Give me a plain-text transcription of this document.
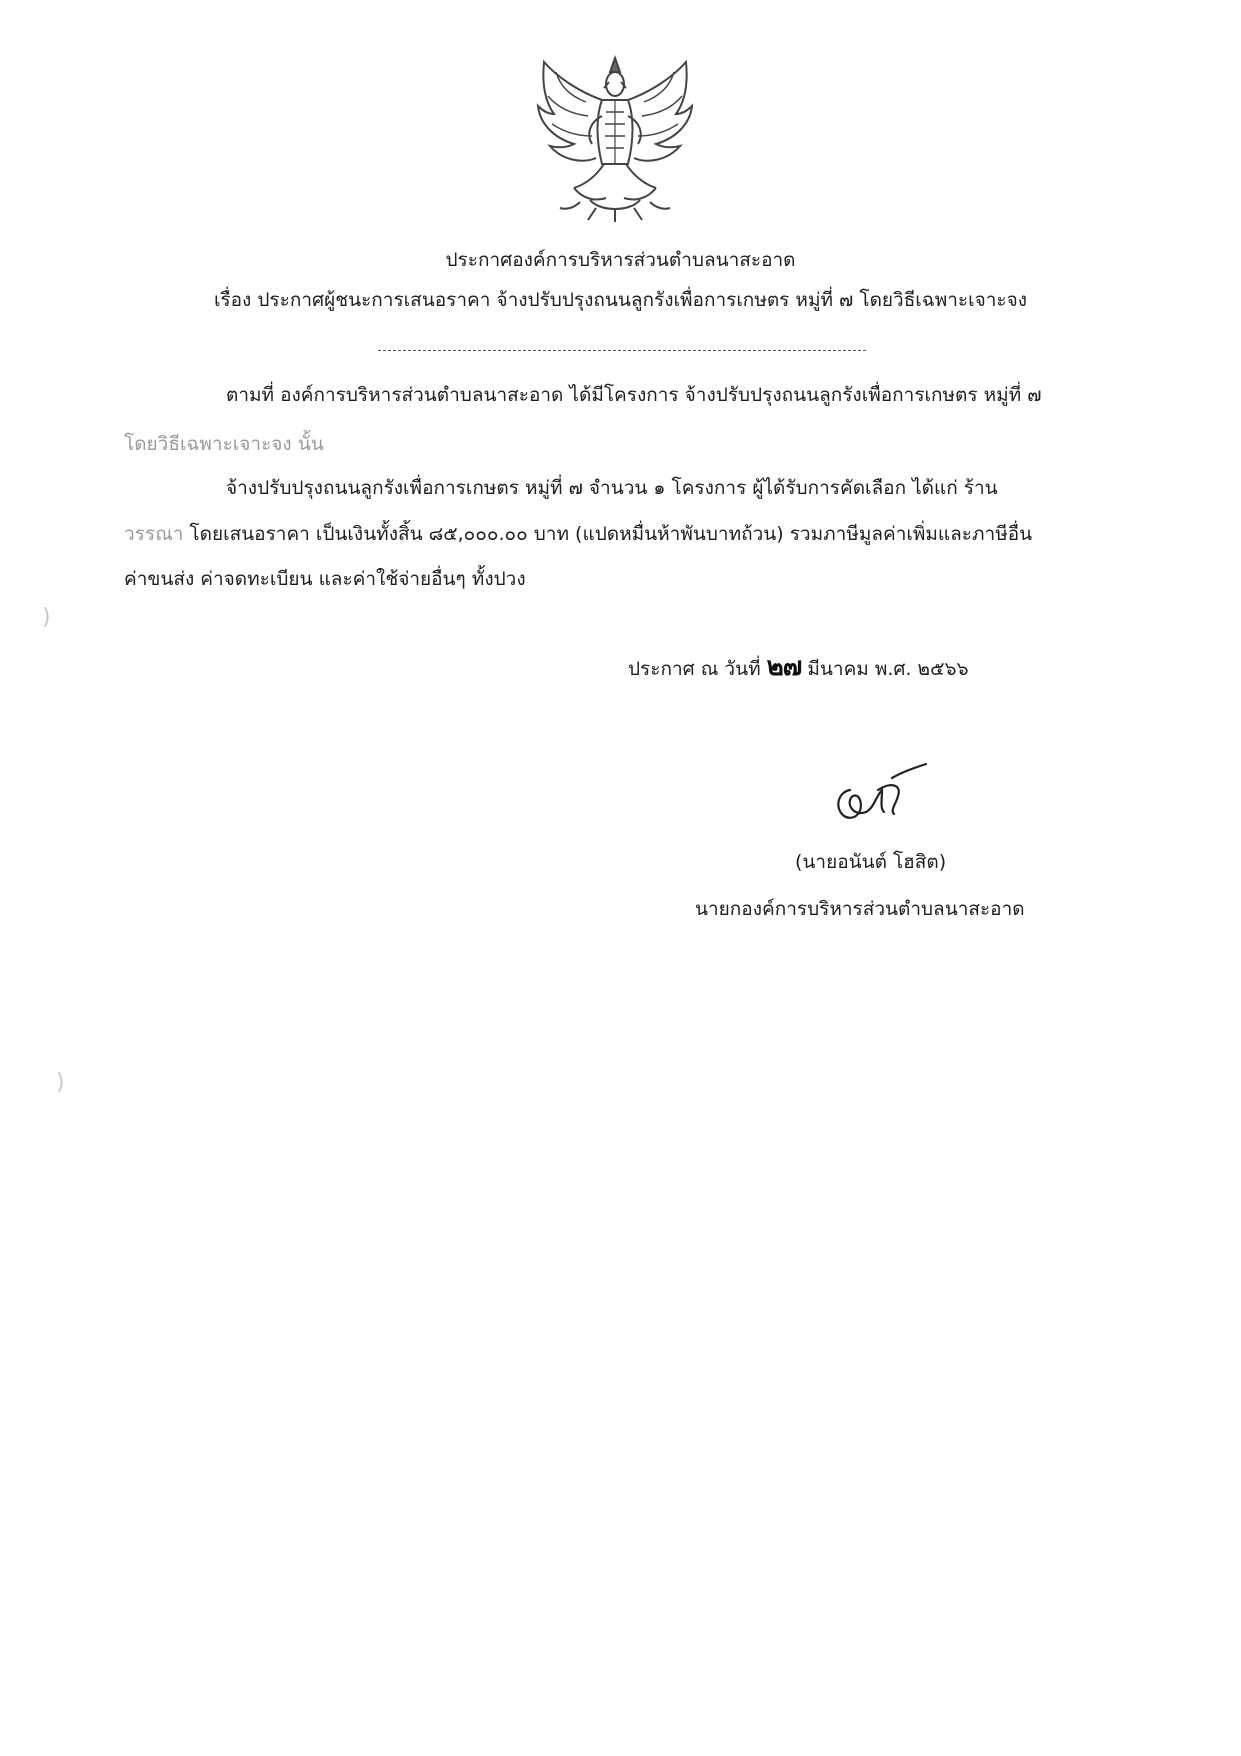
ประกาศองค์การบริหารส่วนตำบลนาสะอาด
เรื่อง ประกาศผู้ชนะการเสนอราคา จ้างปรับปรุงถนนลูกรังเพื่อการเกษตร หมู่ที่ ๗ โดยวิธีเฉพาะเจาะจง
ตามที่ องค์การบริหารส่วนตำบลนาสะอาด ได้มีโครงการ จ้างปรับปรุงถนนลูกรังเพื่อการเกษตร หมู่ที่ ๗
โดยวิธีเฉพาะเจาะจง นั้น
จ้างปรับปรุงถนนลูกรังเพื่อการเกษตร หมู่ที่ ๗ จำนวน ๑ โครงการ ผู้ได้รับการคัดเลือก ได้แก่ ร้าน
วรรณา โดยเสนอราคา เป็นเงินทั้งสิ้น ๘๕,๐๐๐.๐๐ บาท (แปดหมื่นห้าพันบาทถ้วน) รวมภาษีมูลค่าเพิ่มและภาษีอื่น
ค่าขนส่ง ค่าจดทะเบียน และค่าใช้จ่ายอื่นๆ ทั้งปวง
ประกาศ ณ วันที่ ๒๗ มีนาคม พ.ศ. ๒๕๖๖
(นายอนันต์ โฮสิต)
นายกองค์การบริหารส่วนตำบลนาสะอาด
)
)
